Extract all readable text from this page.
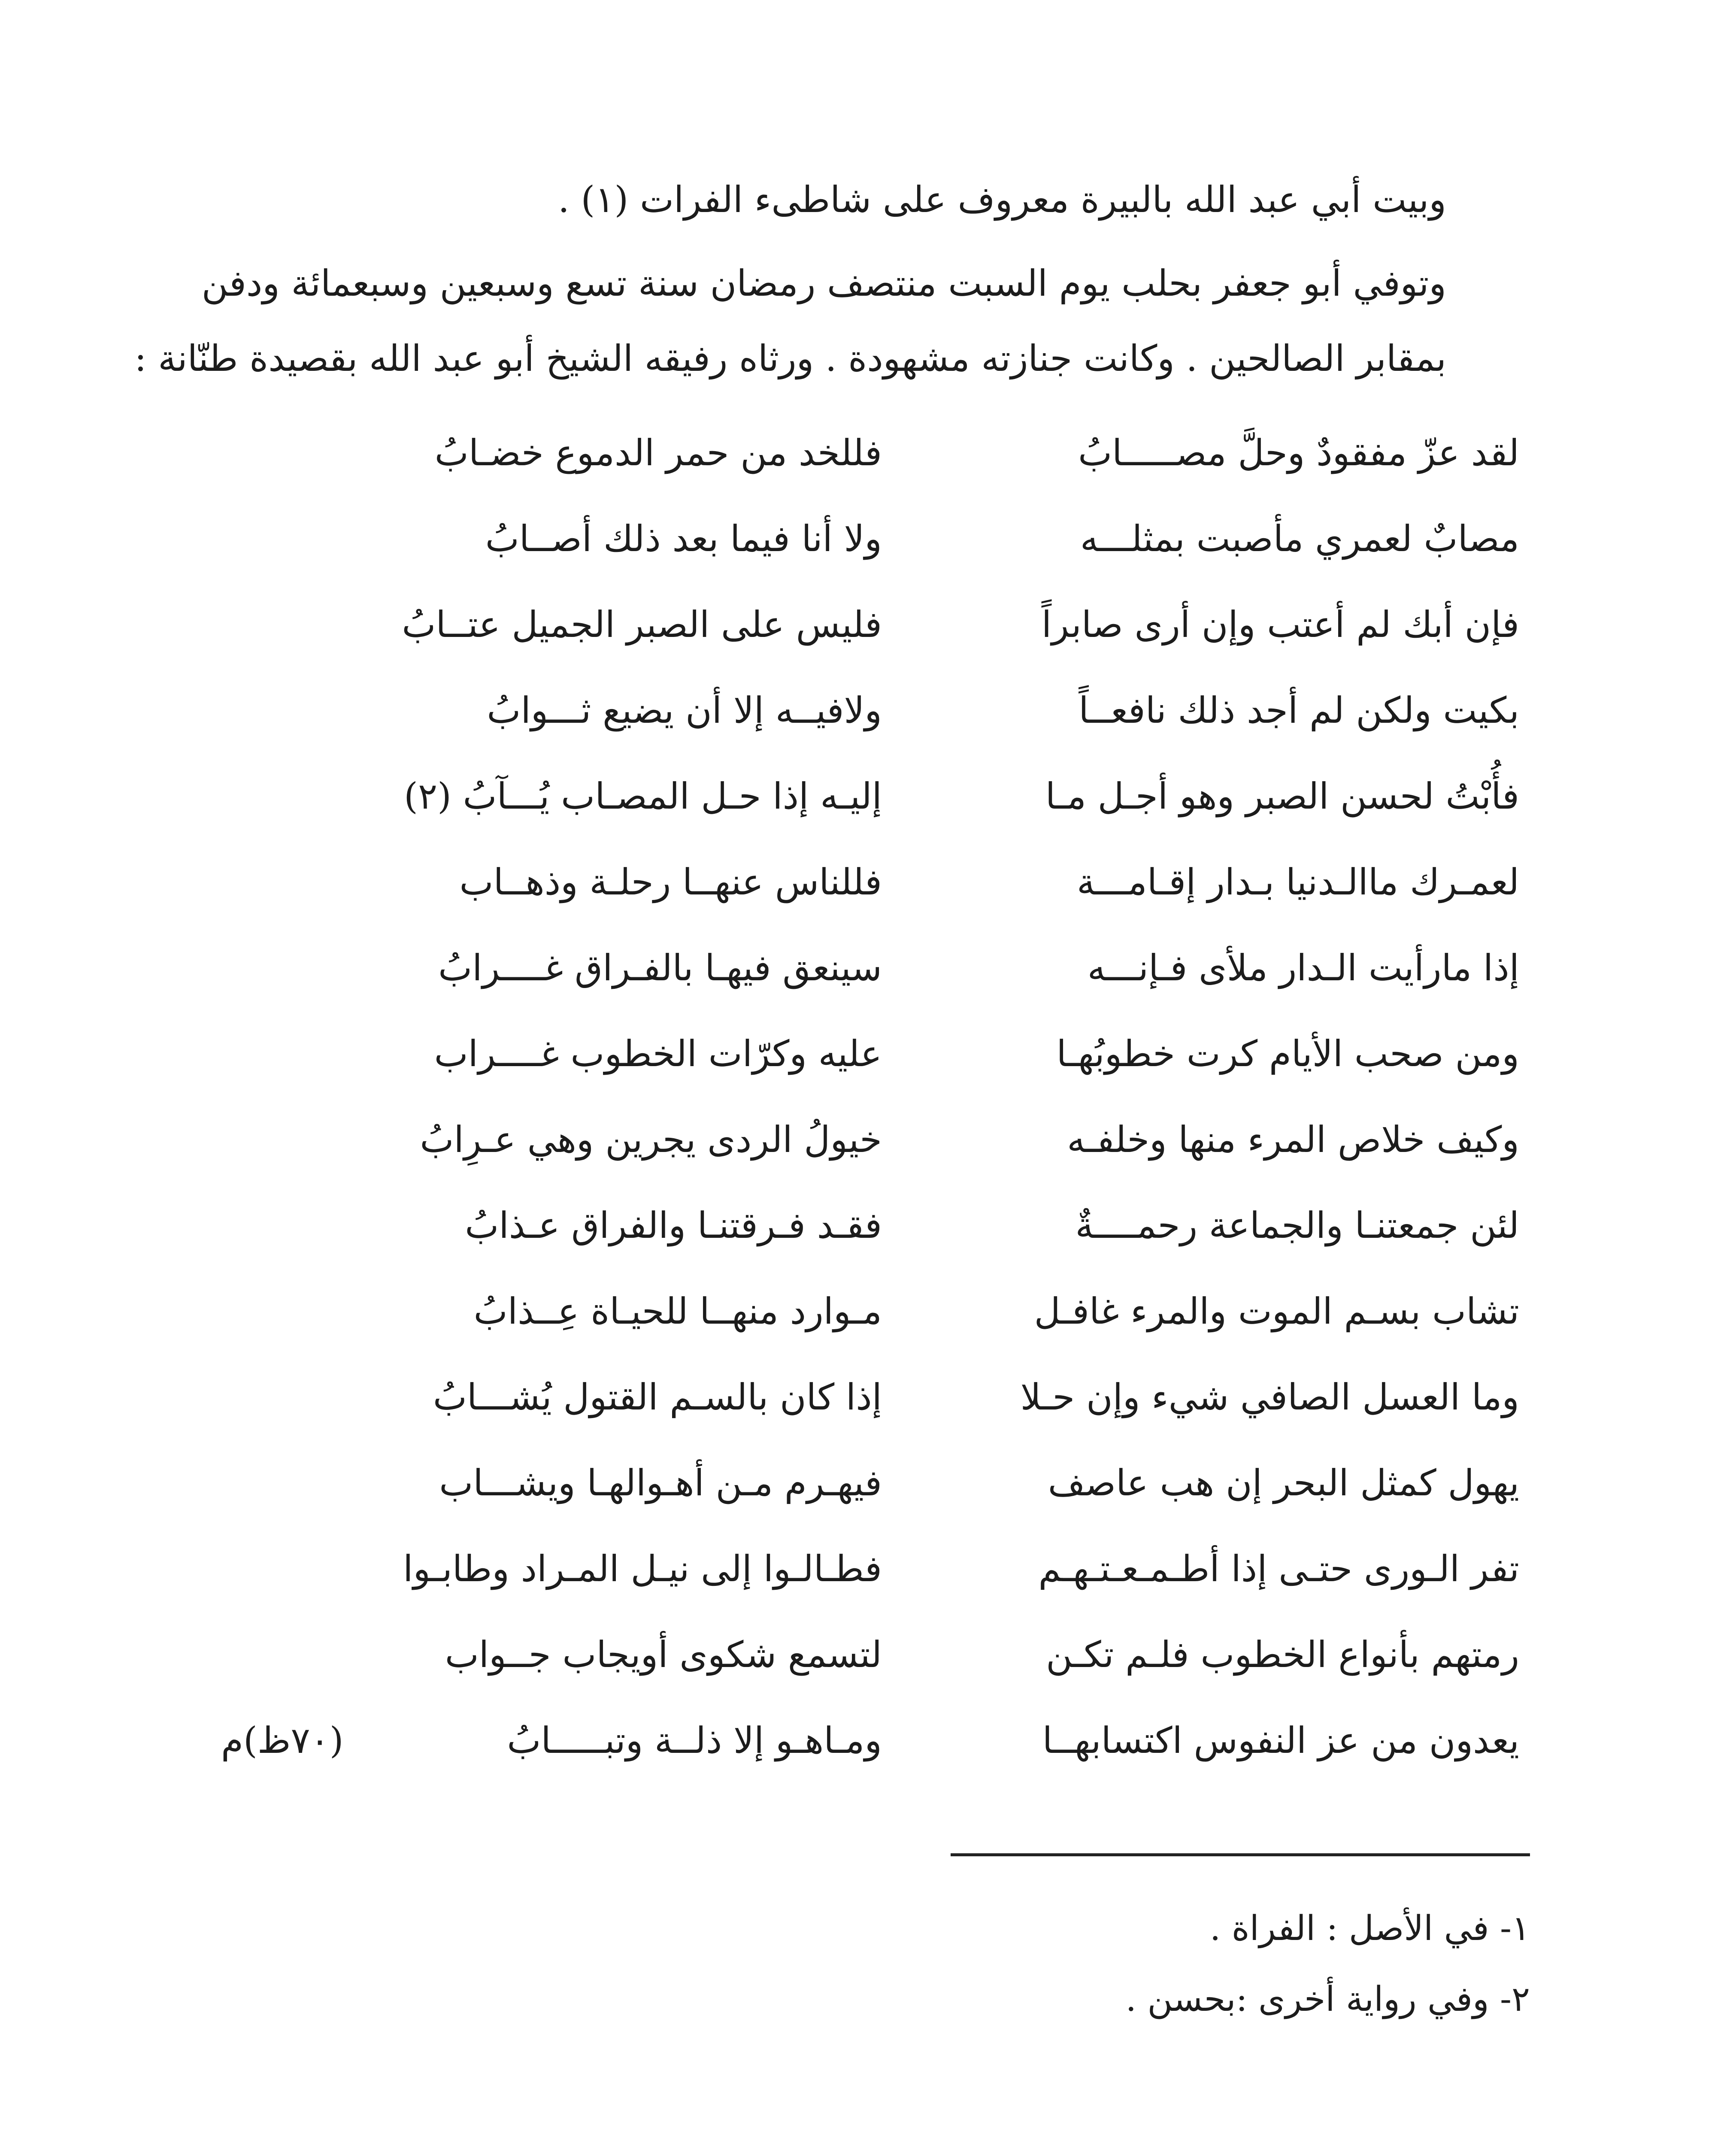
وبيت أبي عبد الله بالبيرة معروف على شاطىء الفرات (١) .
وتوفي أبو جعفر بحلب يوم السبت منتصف رمضان سنة تسع وسبعين وسبعمائة ودفن
بمقابر الصالحين . وكانت جنازته مشهودة . ورثاه رفيقه الشيخ أبو عبد الله بقصيدة طنّانة :
لقد عزّ مفقودٌ وحلَّ مصـــــابُ
فللخد من حمر الدموع خضـابُ
مصابٌ لعمري مأصبت بمثلـــه
ولا أنا فيما بعد ذلك أصــابُ
فإن أبك لم أعتب وإن أرى صابراً
فليس على الصبر الجميل عتــابُ
بكيت ولكن لم أجد ذلك نافعــاً
ولافيــه إلا أن يضيع ثـــوابُ
فأُبْتُ لحسن الصبر وهو أجـل مـا
إليـه إذا حـل المصـاب يُـــآبُ (٢)
لعمـرك ماالـدنيا بـدار إقـامـــة
فللناس عنهــا رحلـة وذهــاب
إذا مارأيت الـدار ملأى فـإنـــه
سينعق فيهـا بالفـراق غــــرابُ
ومن صحب الأيام كرت خطوبُهـا
عليه وكرّات الخطوب غــــراب
وكيف خلاص المرء منها وخلفـه
خيولُ الردى يجرين وهي عـرِابُ
لئن جمعتنـا والجماعة رحمــــةٌ
فقـد فـرقتنـا والفراق عـذابُ
تشاب بسـم الموت والمرء غافـل
مـوارد منهــا للحيـاة عِــذابُ
وما العسل الصافي شيء وإن حـلا
إذا كان بالسـم القتول يُشـــابُ
يهول كمثل البحر إن هب عاصف
فيهـرم مـن أهـوالهـا ويشـــاب
تفر الـورى حتـى إذا أطـمـعـتـهـم
فطـالـوا إلى نيـل المـراد وطابـوا
رمتهم بأنواع الخطوب فلـم تكـن
لتسمع شكوى أويجاب جــواب
يعدون من عز النفوس اكتسابهــا
ومـاهـو إلا ذلــة وتبـــــابُ
(٧٠ظ)م
١- في الأصل : الفراة .
٢- وفي رواية أخرى :بحسن .
